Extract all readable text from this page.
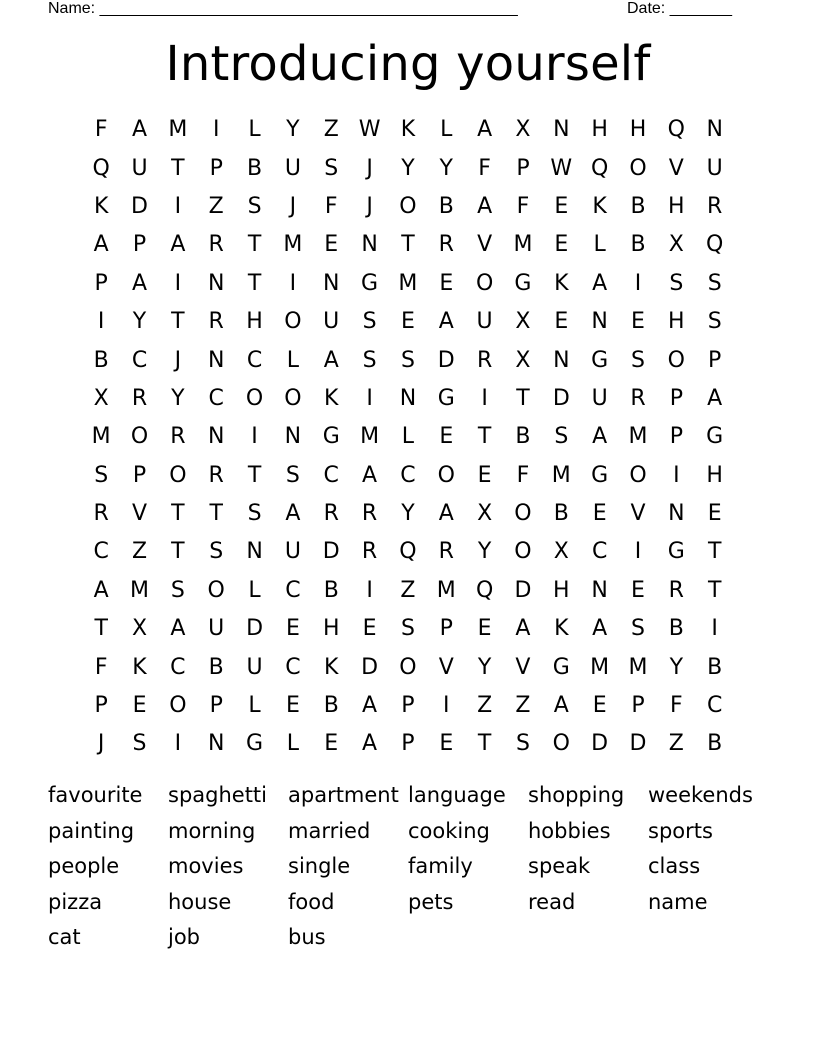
Name: _______________________________________________	Date: _______
Introducing yourself
F	A M	I	L	Y	Z W K	L	A	X	N H H Q N
Q U	T	P	B	U	S	J	Y	Y	F	P W Q O	V	U
K	D	I	Z	S	J	F	J	O	B	A	F	E	K	B	H	R
A	P	A	R	T	M E	N	T	R	V M E	L	B	X	Q
P	A	I	N	T	I	N G M E	O G	K	A	I	S	S
I	Y	T	R	H O U	S	E	A	U	X	E	N	E	H	S
B	C	J	N	C	L	A	S	S	D	R	X	N G	S	O	P
X	R	Y	C O O	K	I	N G	I	T	D U	R	P	A
M O	R	N	I	N G M	L	E	T	B	S	A M	P	G
S	P	O	R	T	S	C	A	C O	E	F	M G O	I	H
R	V	T	T	S	A	R	R	Y	A	X	O	B	E	V	N	E
C	Z	T	S	N	U D	R	Q	R	Y	O	X	C	I	G	T
A M S	O	L	C	B	I	Z M Q D H N	E	R	T
T	X	A	U D	E	H	E	S	P	E	A	K	A	S	B	I
F	K	C	B	U	C	K	D O	V	Y	V	G M M	Y	B
P	E	O	P	L	E	B	A	P	I	Z	Z	A	E	P	F	C
J	S	I	N G	L	E	A	P	E	T	S	O D D	Z	B
favourite	spaghetti apartment language	shopping	weekends
painting	morning	married	cooking	hobbies	sports
people	movies	single	family	speak	class
pizza	house	food	pets	read	name
cat	job	bus
